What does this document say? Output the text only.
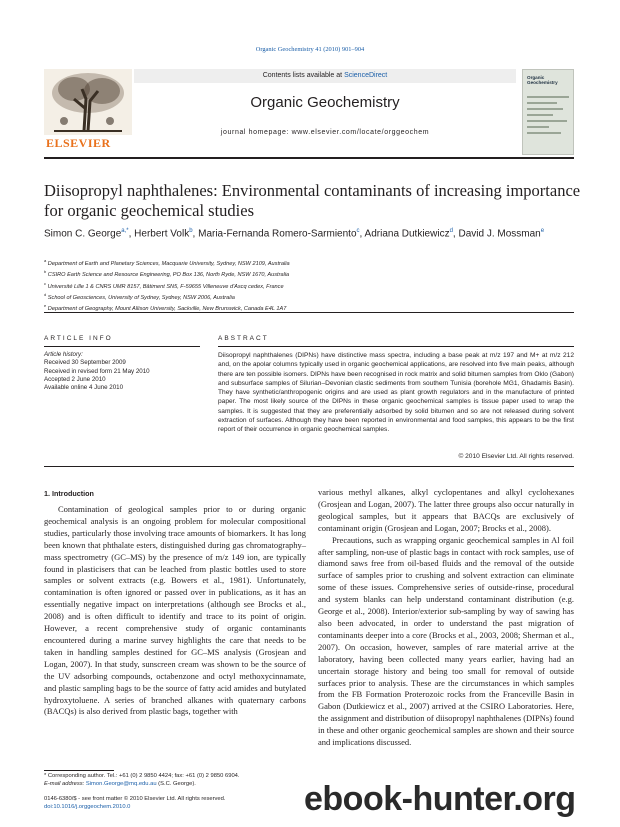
Organic Geochemistry 41 (2010) 901–904
ELSEVIER
Contents lists available at ScienceDirect
Organic Geochemistry
journal homepage: www.elsevier.com/locate/orggeochem
Organic Geochemistry
Diisopropyl naphthalenes: Environmental contaminants of increasing importance for organic geochemical studies
Simon C. George$^{a,*}$, Herbert Volk$^b$, Maria-Fernanda Romero-Sarmiento$^c$, Adriana Dutkiewicz$^d$, David J. Mossman$^e$
$^a$ Department of Earth and Planetary Sciences, Macquarie University, Sydney, NSW 2109, Australia
$^b$ CSIRO Earth Science and Resource Engineering, PO Box 136, North Ryde, NSW 1670, Australia
$^c$ Université Lille 1 & CNRS UMR 8157, Bâtiment SN5, F-59655 Villeneuve d'Ascq cedex, France
$^d$ School of Geosciences, University of Sydney, Sydney, NSW 2006, Australia
$^e$ Department of Geography, Mount Allison University, Sackville, New Brunswick, Canada E4L 1A7
ARTICLE INFO	ABSTRACT
Article history:
Received 30 September 2009
Received in revised form 21 May 2010
Accepted 2 June 2010
Available online 4 June 2010
Diisopropyl naphthalenes (DIPNs) have distinctive mass spectra, including a base peak at m/z 197 and M+ at m/z 212 and, on the apolar columns typically used in organic geochemical applications, are resolved into five main peaks, although there are ten possible isomers. DIPNs have been recognised in rock matrix and solid bitumen samples from Oklo (Gabon) and subsurface samples of Silurian–Devonian clastic sediments from southern Tunisia (borehole MG1, Ghadamis Basin). They have synthetic/anthropogenic origins and are used as plant growth regulators and in the manufacture of printed paper. The most likely source of the DIPNs in these organic geochemical samples is tissue paper used to wrap the samples. It is suggested that they are preferentially adsorbed by solid bitumen and so are not released during solvent extraction of surfaces. Although they have been reported in environmental and food samples, this appears to be the first report of their occurrence in organic geochemical samples.
© 2010 Elsevier Ltd. All rights reserved.
1. Introduction

Contamination of geological samples prior to or during organic geochemical analysis is an ongoing problem for molecular compositional studies, particularly those involving trace amounts of biomarkers. It has long been known that phthalate esters, distinguished during gas chromatography–mass spectrometry (GC–MS) by the presence of m/z 149 ion, are typically found in plasticisers that can be leached from plastic bottles used to store samples or solvent extracts (e.g. Bowers et al., 1981). Unfortunately, contamination is often ignored or passed over in publications, as it has an essentially negative impact on interpretations (although see Brocks et al., 2008) and is often difficult to identify and trace to its point of origin. However, a recent comprehensive study of organic contaminants encountered during a marine survey highlights the care that needs to be taken in handling samples destined for GC–MS analysis (Grosjean and Logan, 2007). In that study, sunscreen cream was shown to be the source of the UV adsorbing compounds, octabenzone and octyl methoxycinnamate, and plastic sampling bags to be the source of fatty acid amides and butylated hydroxytoluene. A series of branched alkanes with quaternary carbons (BACQs) is also derived from plastic bags, together with

various methyl alkanes, alkyl cyclopentanes and alkyl cyclohexanes (Grosjean and Logan, 2007). The latter three groups also occur naturally in geological samples, but it appears that BACQs are exclusively of contaminant origin (Grosjean and Logan, 2007; Brocks et al., 2008).

Precautions, such as wrapping organic geochemical samples in Al foil after sampling, non-use of plastic bags in contact with rock samples, use of diamond saws free from oil-based fluids and the removal of the outside surface of samples prior to crushing and solvent extraction can eliminate some of these issues. Comprehensive series of outside-rinse, procedural and system blanks can help understand contaminant distribution (e.g. George et al., 2008). Interior/exterior sub-sampling by way of sawing has also been advocated, in order to understand the past migration of contaminants deeper into a core (Brocks et al., 2003, 2008; Sherman et al., 2007). On occasion, however, samples of rare material arrive at the laboratory, having been collected many years earlier, having had an uncertain storage history and being too small for removal of outside surfaces prior to analysis. These are the circumstances in which samples from the FB Formation Proterozoic rocks from the Franceville Basin in Gabon (Dutkiewicz et al., 2007) arrived at the CSIRO Laboratories. Here, the assignment and distribution of diisopropyl naphthalenes (DIPNs) found in these and other organic geochemical samples are shown and their source and implications discussed.

* Corresponding author. Tel.: +61 (0) 2 9850 4424; fax: +61 (0) 2 9850 6904.
E-mail address: Simon.George@mq.edu.au (S.C. George).
0146-6380/$ - see front matter © 2010 Elsevier Ltd. All rights reserved.
doi:10.1016/j.orggeochem.2010.0	ebook-hunter.org
